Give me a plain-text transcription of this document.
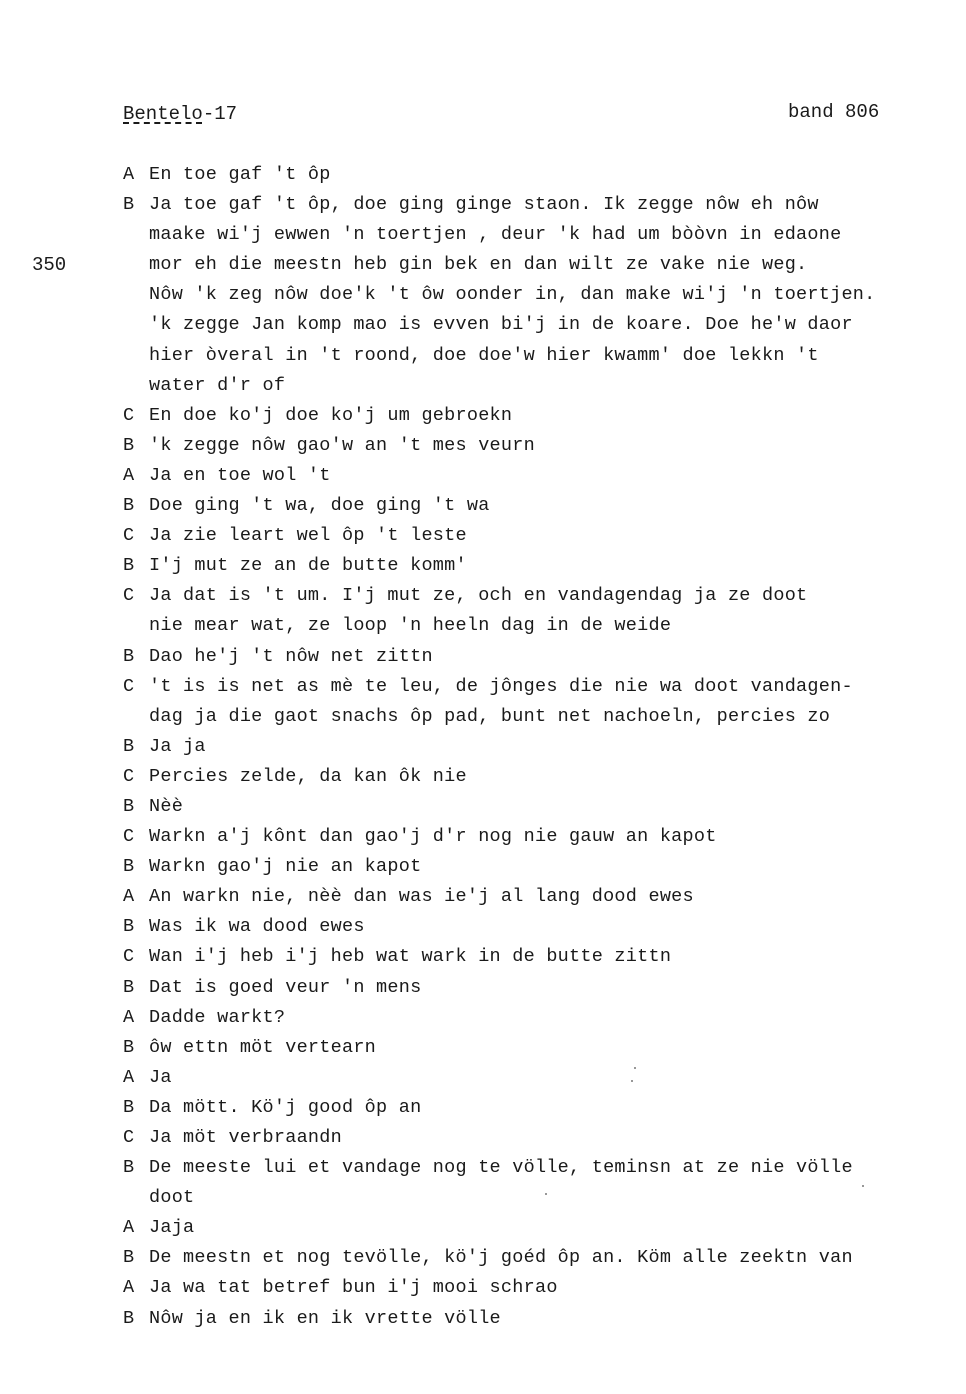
Bentelo-17	band 806
350
A En toe gaf 't ôp
B Ja toe gaf 't ôp, doe ging ginge staon. Ik zegge nôw eh nôw
maake wi'j ewwen 'n toertjen , deur 'k had um bòòvn in edaone
mor eh die meestn heb gin bek en dan wilt ze vake nie weg.
Nôw 'k zeg nôw doe'k 't ôw oonder in, dan make wi'j 'n toertjen.
'k zegge Jan komp mao is evven bi'j in de koare. Doe he'w daor
hier òveral in 't roond, doe doe'w hier kwamm' doe lekkn 't
water d'r of
C En doe ko'j doe ko'j um gebroekn
B 'k zegge nôw gao'w an 't mes veurn
A Ja en toe wol 't
B Doe ging 't wa, doe ging 't wa
C Ja zie leart wel ôp 't leste
B I'j mut ze an de butte komm'
C Ja dat is 't um. I'j mut ze, och en vandagendag ja ze doot
nie mear wat, ze loop 'n heeln dag in de weide
B Dao he'j 't nôw net zittn
C 't is is net as mè te leu, de jônges die nie wa doot vandagen-
dag ja die gaot snachs ôp pad, bunt net nachoeln, percies zo
B Ja ja
C Percies zelde, da kan ôk nie
B Nèè
C Warkn a'j kônt dan gao'j d'r nog nie gauw an kapot
B Warkn gao'j nie an kapot
A An warkn nie, nèè dan was ie'j al lang dood ewes
B Was ik wa dood ewes
C Wan i'j heb i'j heb wat wark in de butte zittn
B Dat is goed veur 'n mens
A Dadde warkt?
B ôw ettn möt vertearn
A Ja
B Da mött. Kö'j good ôp an
C Ja möt verbraandn
B De meeste lui et vandage nog te völle, teminsn at ze nie völle
doot
A Jaja
B De meestn et nog tevölle, kö'j goéd ôp an. Köm alle zeektn van
A Ja wa tat betref bun i'j mooi schrao
B Nôw ja en ik en ik vrette völle
